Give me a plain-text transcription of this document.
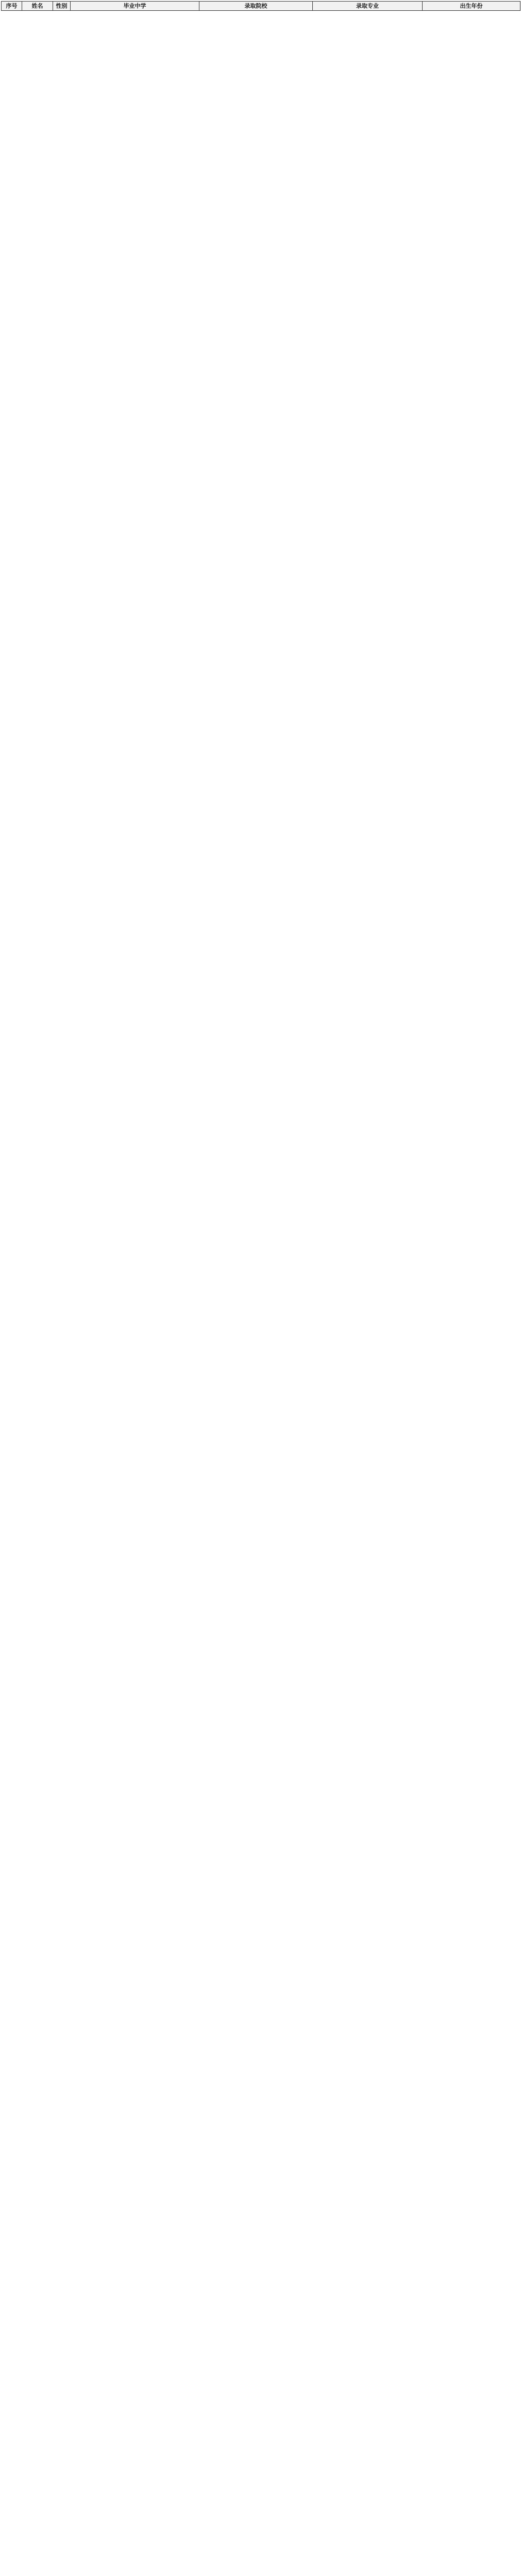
序号	姓名	性别	毕业中学	录取院校	录取专业	出生年份
